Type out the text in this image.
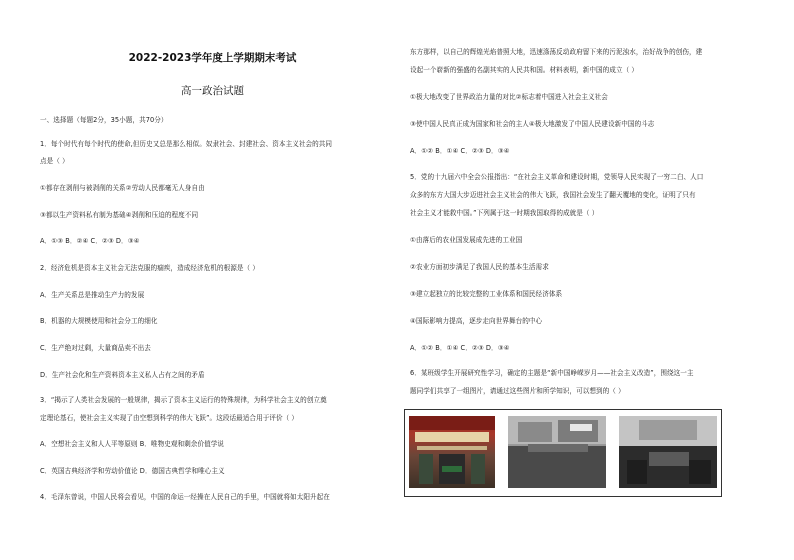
2022-2023学年度上学期期末考试
高一政治试题
一、选择题（每题2分，35小题，共70分）
1．每个时代有每个时代的使命,但历史又总是那么相似。奴隶社会、封建社会、资本主义社会的共同
点是（ ）
①都存在剥削与被剥削的关系②劳动人民都毫无人身自由
③都以生产资料私有制为基础④剥削和压迫的程度不同
A．①③ B．②④ C．②③ D．③④
2．经济危机是资本主义社会无法克服的痼疾，造成经济危机的根源是（ ）
A．生产关系总是推动生产力的发展
B．机器的大规模使用和社会分工的细化
C．生产绝对过剩，大量商品卖不出去
D．生产社会化和生产资料资本主义私人占有之间的矛盾
3．“揭示了人类社会发展的一般规律，揭示了资本主义运行的特殊规律，为科学社会主义的创立奠
定理论基石，使社会主义实现了由空想到科学的伟大飞跃”。这段话最适合用于评价（ ）
A．空想社会主义和人人平等原则 B．唯物史观和剩余价值学说
C．英国古典经济学和劳动价值论 D．德国古典哲学和唯心主义
4．毛泽东曾说，中国人民将会看见，中国的命运一经操在人民自己的手里，中国就将如太阳升起在
东方那样，以自己的辉煌光焰普照大地，迅速涤荡反动政府留下来的污泥浊水，治好战争的创伤，建
设起一个崭新的强盛的名副其实的人民共和国。材料表明，新中国的成立（ ）
①极大地改变了世界政治力量的对比②标志着中国进入社会主义社会
③使中国人民真正成为国家和社会的主人④极大地激发了中国人民建设新中国的斗志
A．①② B．①④ C．②③ D．③④
5．党的十九届六中全会公报指出：“在社会主义革命和建设时期，党领导人民实现了一穷二白、人口
众多的东方大国大步迈进社会主义社会的伟大飞跃，我国社会发生了翻天覆地的变化，证明了只有
社会主义才能救中国。”下列属于这一时期我国取得的成就是（ ）
①由落后的农业国发展成先进的工业国
②农业方面初步满足了我国人民的基本生活需求
③建立起独立的比较完整的工业体系和国民经济体系
④国际影响力提高，逐步走向世界舞台的中心
A．①② B．①④ C．②③ D．③④
6．某班级学生开展研究性学习，确定的主题是“新中国峥嵘岁月——社会主义改造”，围绕这一主
题同学们共享了一组图片，请通过这些图片和所学知识，可以想到的（ ）
